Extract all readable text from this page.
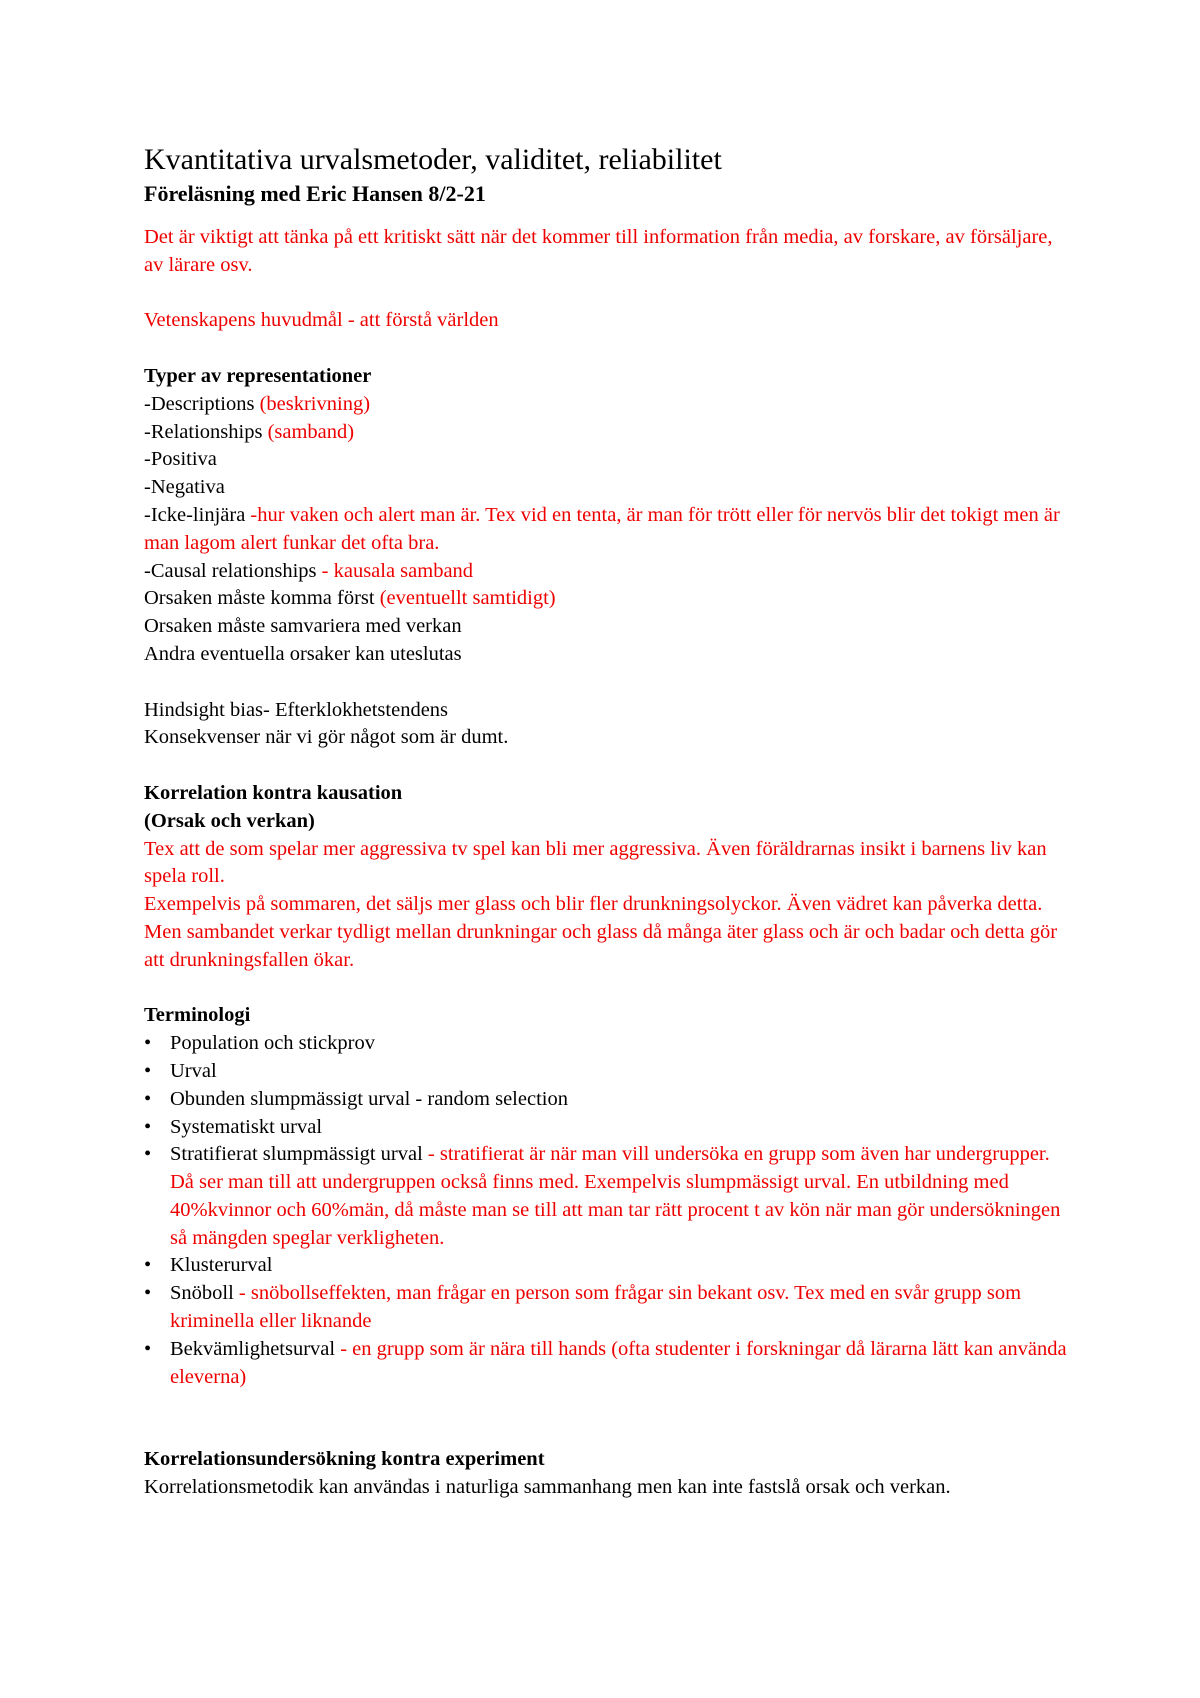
Kvantitativa urvalsmetoder, validitet, reliabilitet

Föreläsning med Eric Hansen 8/2-21

Det är viktigt att tänka på ett kritiskt sätt när det kommer till information från media, av forskare, av försäljare, av lärare osv.

Vetenskapens huvudmål - att förstå världen

Typer av representationer

-Descriptions (beskrivning)

-Relationships (samband)

-Positiva

-Negativa

-Icke-linjära -hur vaken och alert man är. Tex vid en tenta, är man för trött eller för nervös blir det tokigt men är man lagom alert funkar det ofta bra.

-Causal relationships - kausala samband

Orsaken måste komma först (eventuellt samtidigt)

Orsaken måste samvariera med verkan

Andra eventuella orsaker kan uteslutas

Hindsight bias- Efterklokhetstendens

Konsekvenser när vi gör något som är dumt.

Korrelation kontra kausation

(Orsak och verkan)

Tex att de som spelar mer aggressiva tv spel kan bli mer aggressiva. Även föräldrarnas insikt i barnens liv kan spela roll.

Exempelvis på sommaren, det säljs mer glass och blir fler drunkningsolyckor. Även vädret kan påverka detta. Men sambandet verkar tydligt mellan drunkningar och glass då många äter glass och är och badar och detta gör att drunkningsfallen ökar.

Terminologi

• Population och stickprov
• Urval
• Obunden slumpmässigt urval - random selection
• Systematiskt urval
• Stratifierat slumpmässigt urval - stratifierat är när man vill undersöka en grupp som även har undergrupper. Då ser man till att undergruppen också finns med. Exempelvis slumpmässigt urval. En utbildning med 40%kvinnor och 60%män, då måste man se till att man tar rätt procent t av kön när man gör undersökningen så mängden speglar verkligheten.
• Klusterurval
• Snöboll - snöbollseffekten, man frågar en person som frågar sin bekant osv. Tex med en svår grupp som kriminella eller liknande
• Bekvämlighetsurval - en grupp som är nära till hands (ofta studenter i forskningar då lärarna lätt kan använda eleverna)

Korrelationsundersökning kontra experiment

Korrelationsmetodik kan användas i naturliga sammanhang men kan inte fastslå orsak och verkan.
